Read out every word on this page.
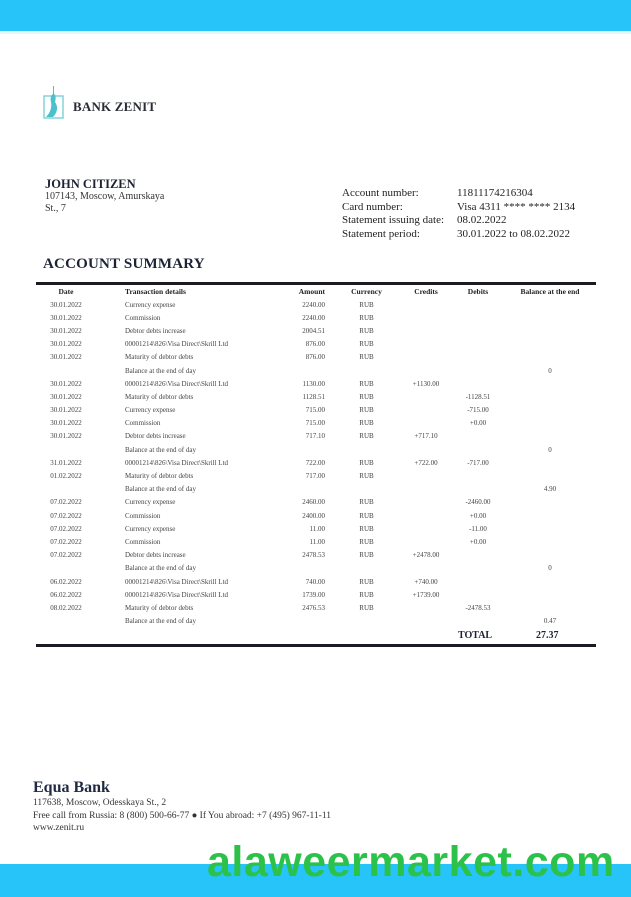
BANK ZENIT
JOHN CITIZEN
107143, Moscow, Amurskaya
St., 7
Account number:	11811174216304
Card number:	Visa 4311 **** **** 2134
Statement issuing date:	08.02.2022
Statement period:	30.01.2022 to 08.02.2022
ACCOUNT SUMMARY
Date	Transaction details	Amount	Currency	Credits	Debits	Balance at the end
30.01.2022	Currency expense	2240.00	RUB			
30.01.2022	Commission	2240.00	RUB			
30.01.2022	Debtor debts increase	2004.51	RUB			
30.01.2022	00001214\826\Visa Direct\Skrill Ltd	876.00	RUB			
30.01.2022	Maturity of debtor debts	876.00	RUB			
	Balance at the end of day					0
30.01.2022	00001214\826\Visa Direct\Skrill Ltd	1130.00	RUB	+1130.00		
30.01.2022	Maturity of debtor debts	1128.51	RUB		-1128.51	
30.01.2022	Currency expense	715.00	RUB		-715.00	
30.01.2022	Commission	715.00	RUB		+0.00	
30.01.2022	Debtor debts increase	717.10	RUB	+717.10		
	Balance at the end of day					0
31.01.2022	00001214\826\Visa Direct\Skrill Ltd	722.00	RUB	+722.00	-717.00	
01.02.2022	Maturity of debtor debts	717.00	RUB			
	Balance at the end of day					4.90
07.02.2022	Currency expense	2460.00	RUB		-2460.00	
07.02.2022	Commission	2400.00	RUB		+0.00	
07.02.2022	Currency expense	11.00	RUB		-11.00	
07.02.2022	Commission	11.00	RUB		+0.00	
07.02.2022	Debtor debts increase	2478.53	RUB	+2478.00		
	Balance at the end of day					0
06.02.2022	00001214\826\Visa Direct\Skrill Ltd	740.00	RUB	+740.00		
06.02.2022	00001214\826\Visa Direct\Skrill Ltd	1739.00	RUB	+1739.00		
08.02.2022	Maturity of debtor debts	2476.53	RUB		-2478.53	
	Balance at the end of day					0.47
TOTAL	27.37
Equa Bank
117638, Moscow, Odesskaya St., 2
Free call from Russia: 8 (800) 500-66-77 ● If You abroad: +7 (495) 967-11-11
www.zenit.ru
alaweermarket.com
